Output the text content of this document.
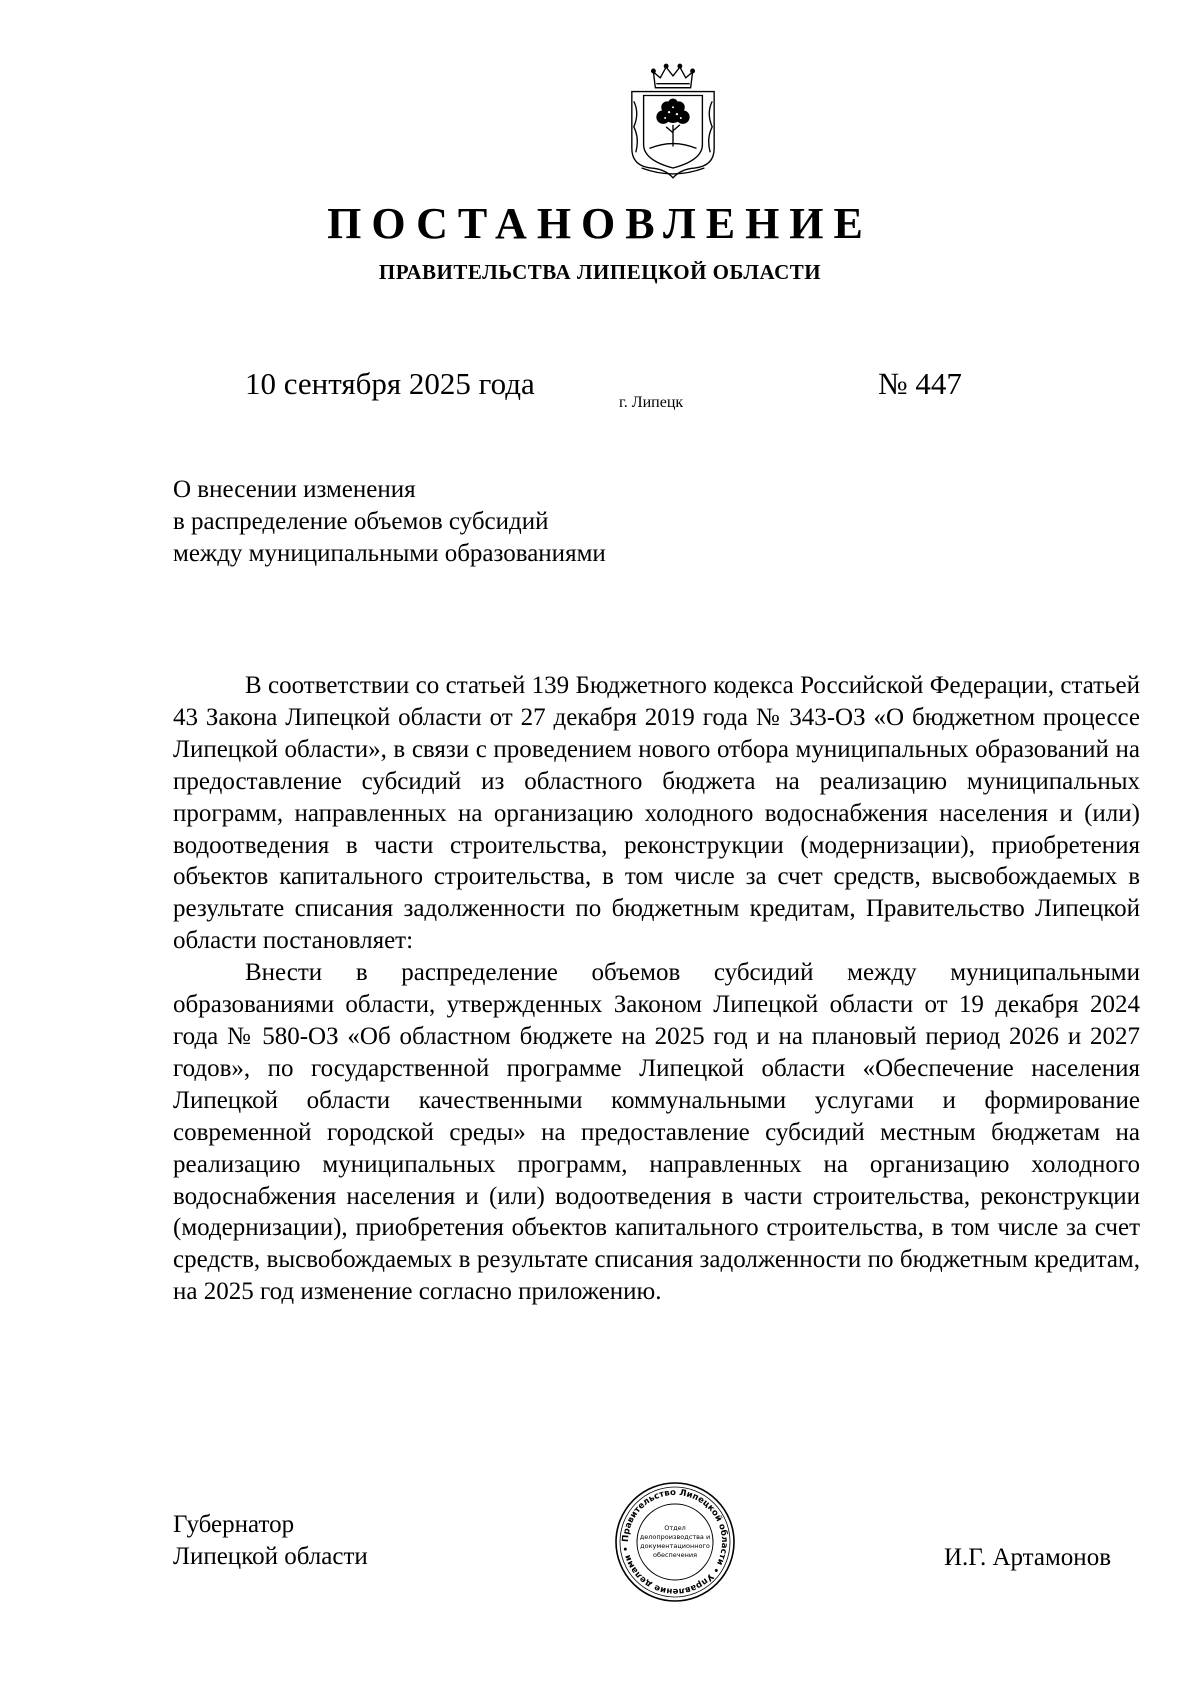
ПОСТАНОВЛЕНИЕ
ПРАВИТЕЛЬСТВА ЛИПЕЦКОЙ ОБЛАСТИ
10 сентября 2025 года
г. Липецк
№ 447
О внесении изменения
в распределение объемов субсидий
между муниципальными образованиями

В соответствии со статьей 139 Бюджетного кодекса Российской Федерации, статьей 43 Закона Липецкой области от 27 декабря 2019 года № 343-ОЗ «О бюджетном процессе Липецкой области», в связи с проведением нового отбора муниципальных образований на предоставление субсидий из областного бюджета на реализацию муниципальных программ, направленных на организацию холодного водоснабжения населения и (или) водоотведения в части строительства, реконструкции (модернизации), приобретения объектов капитального строительства, в том числе за счет средств, высвобождаемых в результате списания задолженности по бюджетным кредитам, Правительство Липецкой области постановляет:

Внести в распределение объемов субсидий между муниципальными образованиями области, утвержденных Законом Липецкой области от 19 декабря 2024 года № 580-ОЗ «Об областном бюджете на 2025 год и на плановый период 2026 и 2027 годов», по государственной программе Липецкой области «Обеспечение населения Липецкой области качественными коммунальными услугами и формирование современной городской среды» на предоставление субсидий местным бюджетам на реализацию муниципальных программ, направленных на организацию холодного водоснабжения населения и (или) водоотведения в части строительства, реконструкции (модернизации), приобретения объектов капитального строительства, в том числе за счет средств, высвобождаемых в результате списания задолженности по бюджетным кредитам, на 2025 год изменение согласно приложению.

Губернатор
Липецкой области
Правительство Липецкой области • Управление делами •
Отдел
делопроизводства и
документационного
обеспечения	И.Г. Артамонов
